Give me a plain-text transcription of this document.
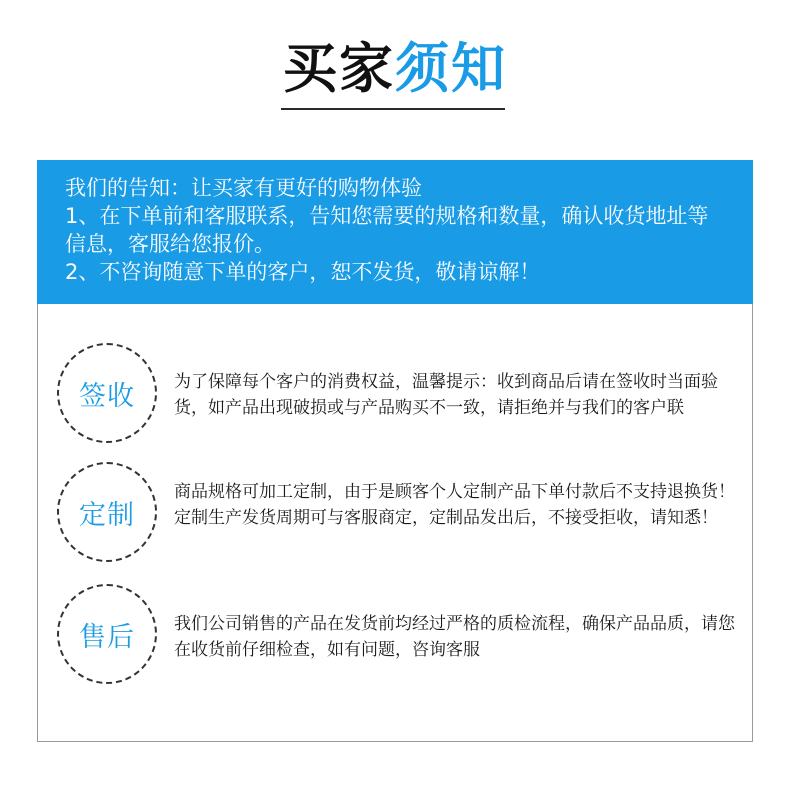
买家须知

我们的告知：让买家有更好的购物体验

1、在下单前和客服联系，告知您需要的规格和数量，确认收货地址等

信息，客服给您报价。

2、不咨询随意下单的客户，恕不发货，敬请谅解！

签收	为了保障每个客户的消费权益，温馨提示：收到商品后请在签收时当面验货，如产品出现破损或与产品购买不一致，请拒绝并与我们的客户联

定制

商品规格可加工定制，由于是顾客个人定制产品下单付款后不支持退换货！定制生产发货周期可与客服商定，定制品发出后，不接受拒收，请知悉！

售后	我们公司销售的产品在发货前均经过严格的质检流程，确保产品品质，请您在收货前仔细检查，如有问题，咨询客服
